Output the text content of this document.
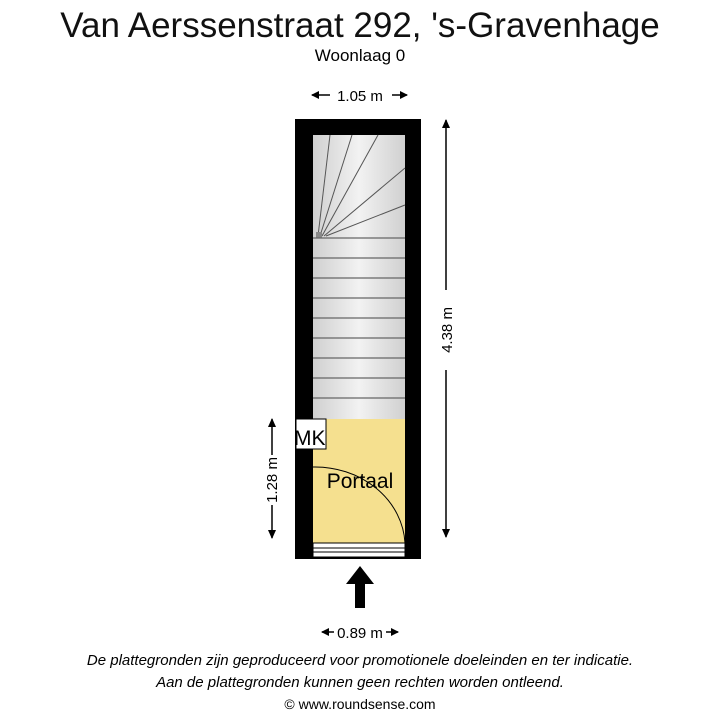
Van Aerssenstraat 292, 's-Gravenhage
Woonlaag 0
1.05 m
MK
Portaal
4.38 m
1.28 m
0.89 m
De plattegronden zijn geproduceerd voor promotionele doeleinden en ter indicatie.
Aan de plattegronden kunnen geen rechten worden ontleend.
© www.roundsense.com
